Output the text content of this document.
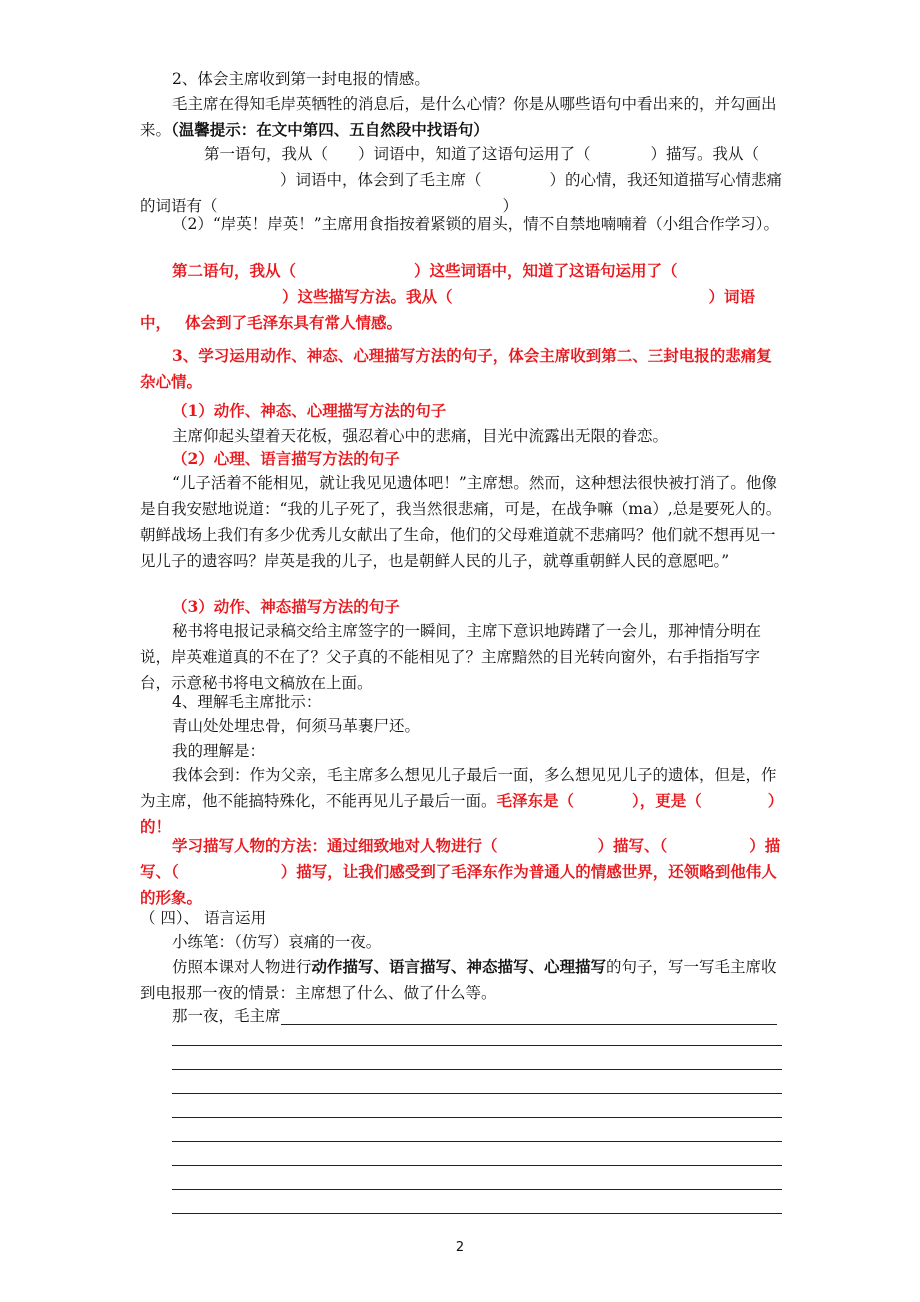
2、体会主席收到第一封电报的情感。

毛主席在得知毛岸英牺牲的消息后，是什么心情？你是从哪些语句中看出来的，并勾画出来。（温馨提示：在文中第四、五自然段中找语句）

第一语句，我从（ ）词语中，知道了这语句运用了（	）描写。我从（）词语中，体会到了毛主席（	）的心情，我还知道描写心情悲痛的词语有（	）

（2）“岸英！岸英！”主席用食指按着紧锁的眉头，情不自禁地喃喃着（小组合作学习）。

第二语句，我从（	）这些词语中，知道了这语句运用了（）这些描写方法。我从（	）词语中， 体会到了毛泽东具有常人情感。

3、学习运用动作、神态、心理描写方法的句子，体会主席收到第二、三封电报的悲痛复杂心情。

（1）动作、神态、心理描写方法的句子

主席仰起头望着天花板，强忍着心中的悲痛，目光中流露出无限的眷恋。

（2）心理、语言描写方法的句子

“儿子活着不能相见，就让我见见遗体吧！”主席想。然而，这种想法很快被打消了。他像是自我安慰地说道：“我的儿子死了，我当然很悲痛，可是，在战争嘛（ma）,总是要死人的。朝鲜战场上我们有多少优秀儿女献出了生命，他们的父母难道就不悲痛吗？他们就不想再见一见儿子的遗容吗？岸英是我的儿子，也是朝鲜人民的儿子，就尊重朝鲜人民的意愿吧。”

（3）动作、神态描写方法的句子

秘书将电报记录稿交给主席签字的一瞬间，主席下意识地踌躇了一会儿，那神情分明在说，岸英难道真的不在了？父子真的不能相见了？主席黯然的目光转向窗外，右手指指写字台，示意秘书将电文稿放在上面。

4、理解毛主席批示：

青山处处埋忠骨，何须马革裹尸还。

我的理解是：

我体会到：作为父亲，毛主席多么想见儿子最后一面，多么想见见儿子的遗体，但是，作为主席，他不能搞特殊化，不能再见儿子最后一面。毛泽东是（	），更是（	）的！

学习描写人物的方法：通过细致地对人物进行（	）描写、（	）描写、（	）描写，让我们感受到了毛泽东作为普通人的情感世界，还领略到他伟人的形象。

（ 四）、 语言运用

小练笔：（仿写）哀痛的一夜。

仿照本课对人物进行动作描写、语言描写、神态描写、心理描写的句子，写一写毛主席收到电报那一夜的情景：主席想了什么、做了什么等。

那一夜，毛主席

2
